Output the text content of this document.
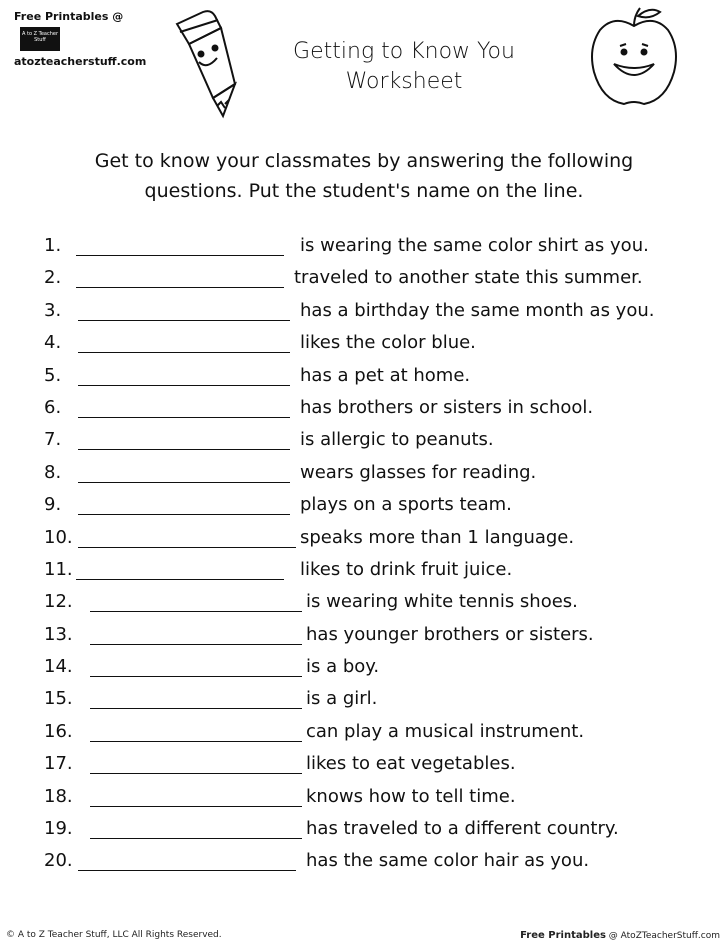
Free Printables @
A to Z Teacher Stuff
atozteacherstuff.com	Getting to Know You
Worksheet
Get to know your classmates by answering the following
questions. Put the student's name on the line.
1.	is wearing the same color shirt as you.
2.	traveled to another state this summer.
3.	has a birthday the same month as you.
4.	likes the color blue.
5.	has a pet at home.
6.	has brothers or sisters in school.
7.	is allergic to peanuts.
8.	wears glasses for reading.
9.	plays on a sports team.
10.	speaks more than 1 language.
11.	likes to drink fruit juice.
12.	is wearing white tennis shoes.
13.	has younger brothers or sisters.
14.	is a boy.
15.	is a girl.
16.	can play a musical instrument.
17.	likes to eat vegetables.
18.	knows how to tell time.
19.	has traveled to a different country.
20.	has the same color hair as you.
© A to Z Teacher Stuff, LLC All Rights Reserved.	Free Printables @ AtoZTeacherStuff.com
